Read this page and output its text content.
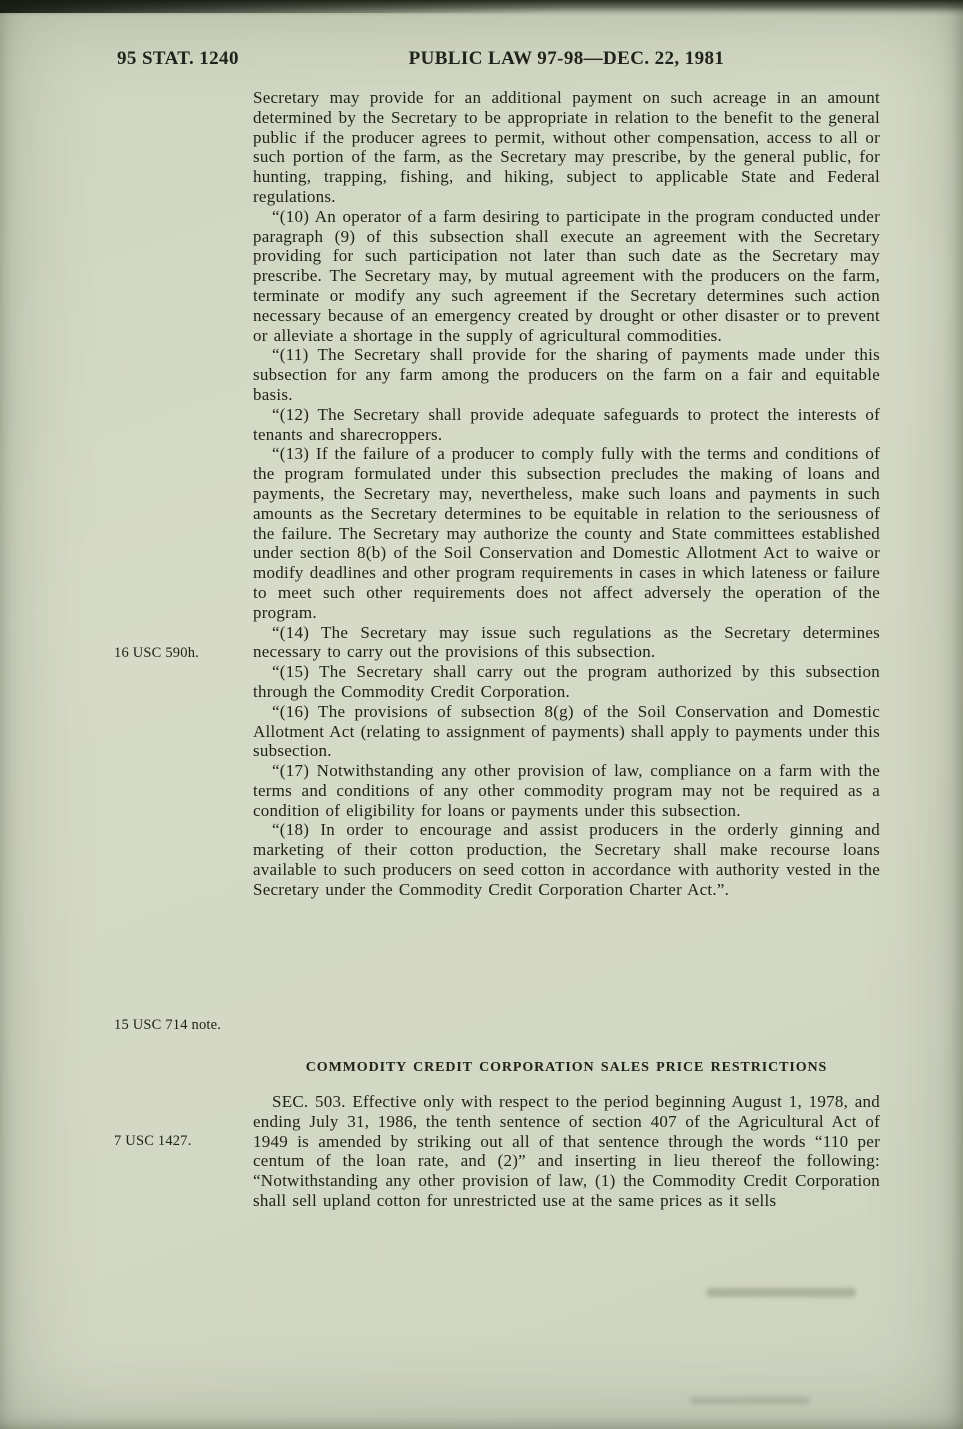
95 STAT. 1240	PUBLIC LAW 97-98—DEC. 22, 1981
16 USC 590h.
15 USC 714 note.
7 USC 1427.

Secretary may provide for an additional payment on such acreage in an amount determined by the Secretary to be appropriate in relation to the benefit to the general public if the producer agrees to permit, without other compensation, access to all or such portion of the farm, as the Secretary may prescribe, by the general public, for hunting, trapping, fishing, and hiking, subject to applicable State and Federal regulations.

“(10) An operator of a farm desiring to participate in the program conducted under paragraph (9) of this subsection shall execute an agreement with the Secretary providing for such participation not later than such date as the Secretary may prescribe. The Secretary may, by mutual agreement with the producers on the farm, terminate or modify any such agreement if the Secretary determines such action necessary because of an emergency created by drought or other disaster or to prevent or alleviate a shortage in the supply of agricultural commodities.

“(11) The Secretary shall provide for the sharing of payments made under this subsection for any farm among the producers on the farm on a fair and equitable basis.

“(12) The Secretary shall provide adequate safeguards to protect the interests of tenants and sharecroppers.

“(13) If the failure of a producer to comply fully with the terms and conditions of the program formulated under this subsection precludes the making of loans and payments, the Secretary may, nevertheless, make such loans and payments in such amounts as the Secretary determines to be equitable in relation to the seriousness of the failure. The Secretary may authorize the county and State committees established under section 8(b) of the Soil Conservation and Domestic Allotment Act to waive or modify deadlines and other program requirements in cases in which lateness or failure to meet such other requirements does not affect adversely the operation of the program.

“(14) The Secretary may issue such regulations as the Secretary determines necessary to carry out the provisions of this subsection.

“(15) The Secretary shall carry out the program authorized by this subsection through the Commodity Credit Corporation.

“(16) The provisions of subsection 8(g) of the Soil Conservation and Domestic Allotment Act (relating to assignment of payments) shall apply to payments under this subsection.

“(17) Notwithstanding any other provision of law, compliance on a farm with the terms and conditions of any other commodity program may not be required as a condition of eligibility for loans or payments under this subsection.

“(18) In order to encourage and assist producers in the orderly ginning and marketing of their cotton production, the Secretary shall make recourse loans available to such producers on seed cotton in accordance with authority vested in the Secretary under the Commodity Credit Corporation Charter Act.”.

COMMODITY CREDIT CORPORATION SALES PRICE RESTRICTIONS

SEC. 503. Effective only with respect to the period beginning August 1, 1978, and ending July 31, 1986, the tenth sentence of section 407 of the Agricultural Act of 1949 is amended by striking out all of that sentence through the words “110 per centum of the loan rate, and (2)” and inserting in lieu thereof the following: “Notwithstanding any other provision of law, (1) the Commodity Credit Corporation shall sell upland cotton for unrestricted use at the same prices as it sells
